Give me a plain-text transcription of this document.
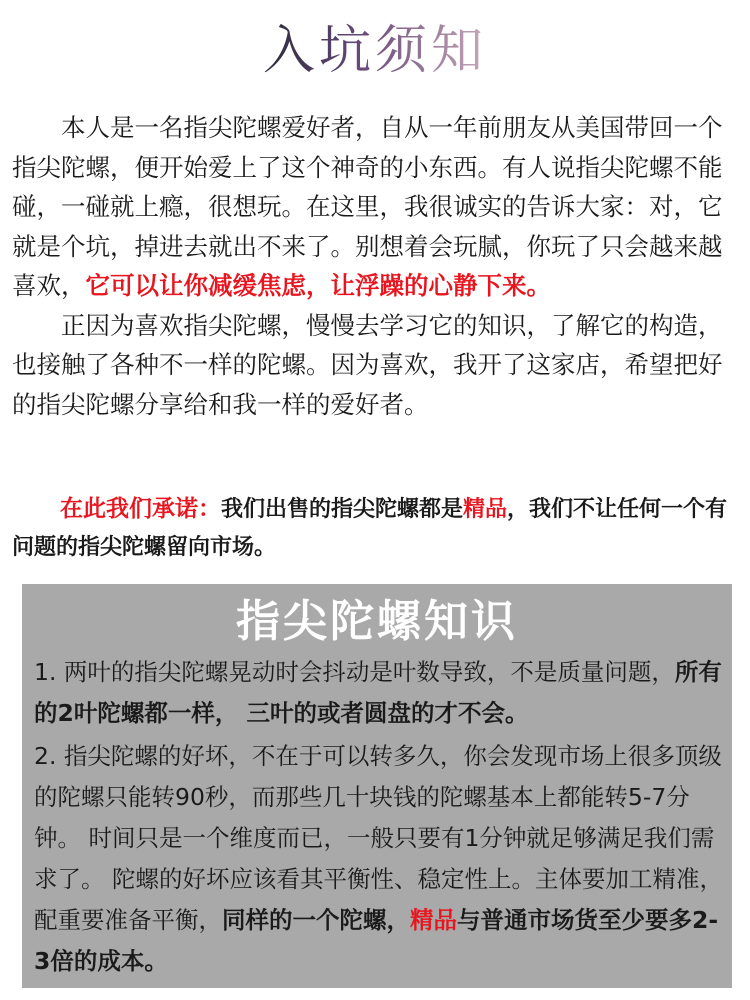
入坑须知

本人是一名指尖陀螺爱好者，自从一年前朋友从美国带回一个指尖陀螺，便开始爱上了这个神奇的小东西。有人说指尖陀螺不能碰，一碰就上瘾，很想玩。在这里，我很诚实的告诉大家：对，它就是个坑，掉进去就出不来了。别想着会玩腻，你玩了只会越来越喜欢，它可以让你减缓焦虑，让浮躁的心静下来。

正因为喜欢指尖陀螺，慢慢去学习它的知识，了解它的构造，也接触了各种不一样的陀螺。因为喜欢，我开了这家店，希望把好的指尖陀螺分享给和我一样的爱好者。

在此我们承诺：我们出售的指尖陀螺都是精品，我们不让任何一个有问题的指尖陀螺留向市场。

指尖陀螺知识

1. 两叶的指尖陀螺晃动时会抖动是叶数导致，不是质量问题，所有的2叶陀螺都一样， 三叶的或者圆盘的才不会。

2. 指尖陀螺的好坏，不在于可以转多久，你会发现市场上很多顶级的陀螺只能转90秒，而那些几十块钱的陀螺基本上都能转5-7分钟。 时间只是一个维度而已，一般只要有1分钟就足够满足我们需求了。 陀螺的好坏应该看其平衡性、稳定性上。主体要加工精准，配重要准备平衡，同样的一个陀螺，精品与普通市场货至少要多2-3倍的成本。
